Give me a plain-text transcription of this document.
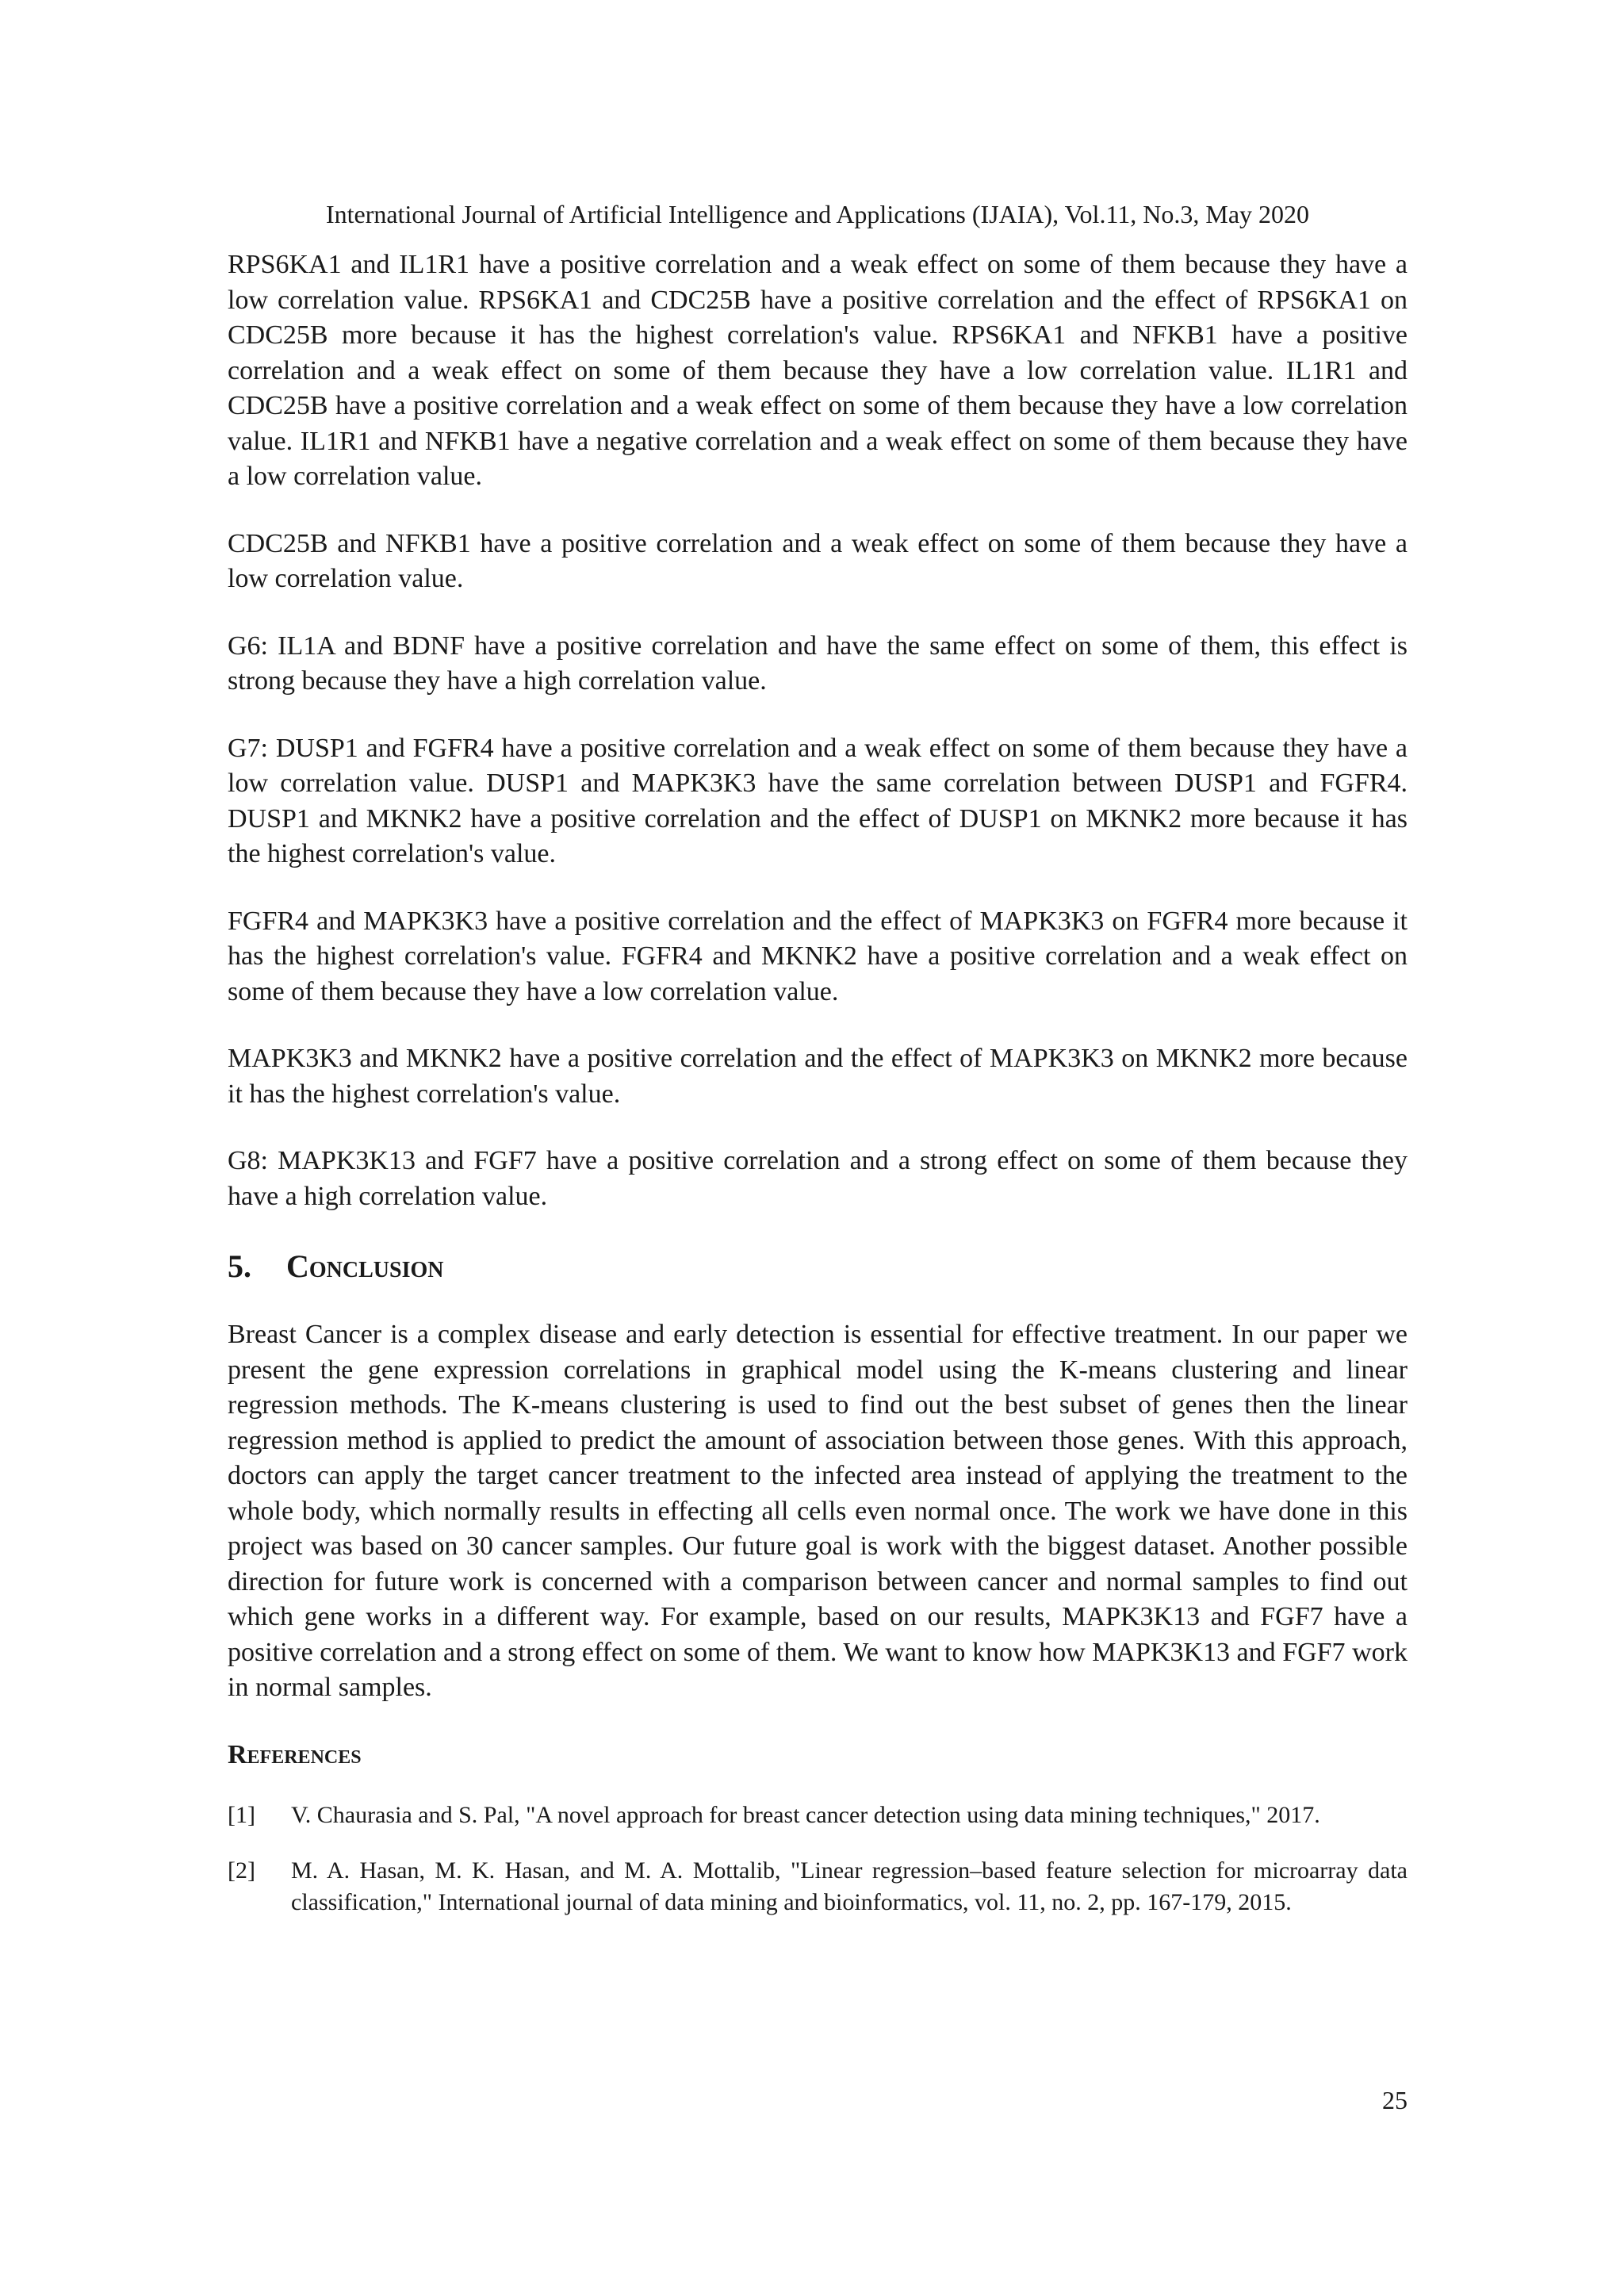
International Journal of Artificial Intelligence and Applications (IJAIA), Vol.11, No.3, May 2020

RPS6KA1 and IL1R1 have a positive correlation and a weak effect on some of them because they have a low correlation value. RPS6KA1 and CDC25B have a positive correlation and the effect of RPS6KA1 on CDC25B more because it has the highest correlation's value. RPS6KA1 and NFKB1 have a positive correlation and a weak effect on some of them because they have a low correlation value. IL1R1 and CDC25B have a positive correlation and a weak effect on some of them because they have a low correlation value. IL1R1 and NFKB1 have a negative correlation and a weak effect on some of them because they have a low correlation value.

CDC25B and NFKB1 have a positive correlation and a weak effect on some of them because they have a low correlation value.

G6: IL1A and BDNF have a positive correlation and have the same effect on some of them, this effect is strong because they have a high correlation value.

G7: DUSP1 and FGFR4 have a positive correlation and a weak effect on some of them because they have a low correlation value. DUSP1 and MAPK3K3 have the same correlation between DUSP1 and FGFR4. DUSP1 and MKNK2 have a positive correlation and the effect of DUSP1 on MKNK2 more because it has the highest correlation's value.

FGFR4 and MAPK3K3 have a positive correlation and the effect of MAPK3K3 on FGFR4 more because it has the highest correlation's value. FGFR4 and MKNK2 have a positive correlation and a weak effect on some of them because they have a low correlation value.

MAPK3K3 and MKNK2 have a positive correlation and the effect of MAPK3K3 on MKNK2 more because it has the highest correlation's value.

G8: MAPK3K13 and FGF7 have a positive correlation and a strong effect on some of them because they have a high correlation value.

5. Conclusion

Breast Cancer is a complex disease and early detection is essential for effective treatment. In our paper we present the gene expression correlations in graphical model using the K-means clustering and linear regression methods. The K-means clustering is used to find out the best subset of genes then the linear regression method is applied to predict the amount of association between those genes. With this approach, doctors can apply the target cancer treatment to the infected area instead of applying the treatment to the whole body, which normally results in effecting all cells even normal once. The work we have done in this project was based on 30 cancer samples. Our future goal is work with the biggest dataset. Another possible direction for future work is concerned with a comparison between cancer and normal samples to find out which gene works in a different way. For example, based on our results, MAPK3K13 and FGF7 have a positive correlation and a strong effect on some of them. We want to know how MAPK3K13 and FGF7 work in normal samples.

References
[1]	V. Chaurasia and S. Pal, "A novel approach for breast cancer detection using data mining techniques," 2017.
[2]	M. A. Hasan, M. K. Hasan, and M. A. Mottalib, "Linear regression–based feature selection for microarray data classification," International journal of data mining and bioinformatics, vol. 11, no. 2, pp. 167-179, 2015.
25
